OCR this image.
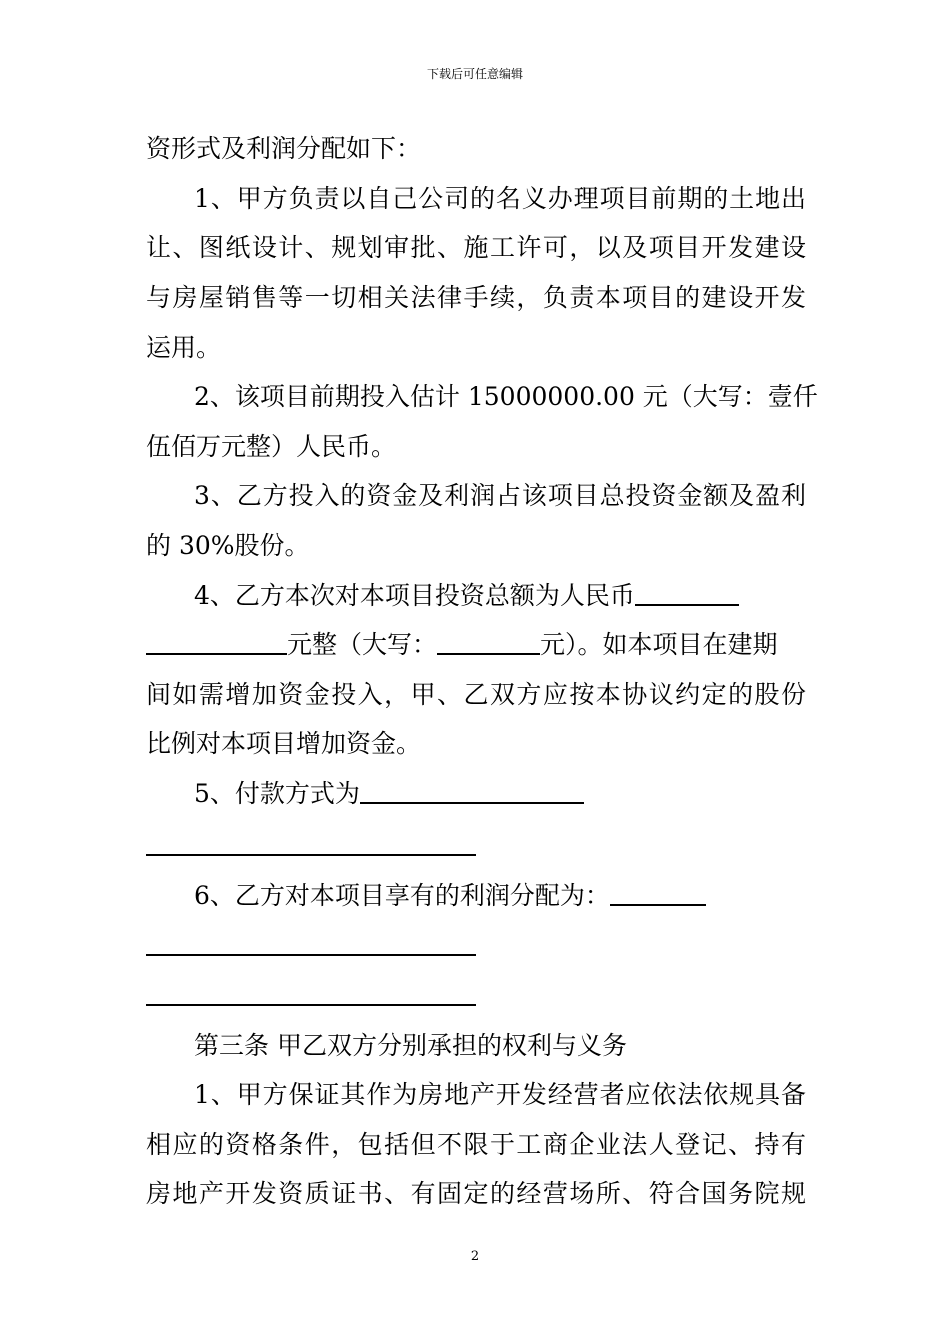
下载后可任意编辑
资形式及利润分配如下：
1、甲方负责以自己公司的名义办理项目前期的土地出
让、图纸设计、规划审批、施工许可，以及项目开发建设
与房屋销售等一切相关法律手续，负责本项目的建设开发
运用。
2、该项目前期投入估计 15000000.00 元（大写：壹仟
伍佰万元整）人民币。
3、乙方投入的资金及利润占该项目总投资金额及盈利
的 30%股份。
4、乙方本次对本项目投资总额为人民币
元整（大写：	元）。如本项目在建期
间如需增加资金投入，甲、乙双方应按本协议约定的股份
比例对本项目增加资金。
5、付款方式为
6、乙方对本项目享有的利润分配为：
第三条 甲乙双方分别承担的权利与义务
1、甲方保证其作为房地产开发经营者应依法依规具备
相应的资格条件，包括但不限于工商企业法人登记、持有
房地产开发资质证书、有固定的经营场所、符合国务院规
2
